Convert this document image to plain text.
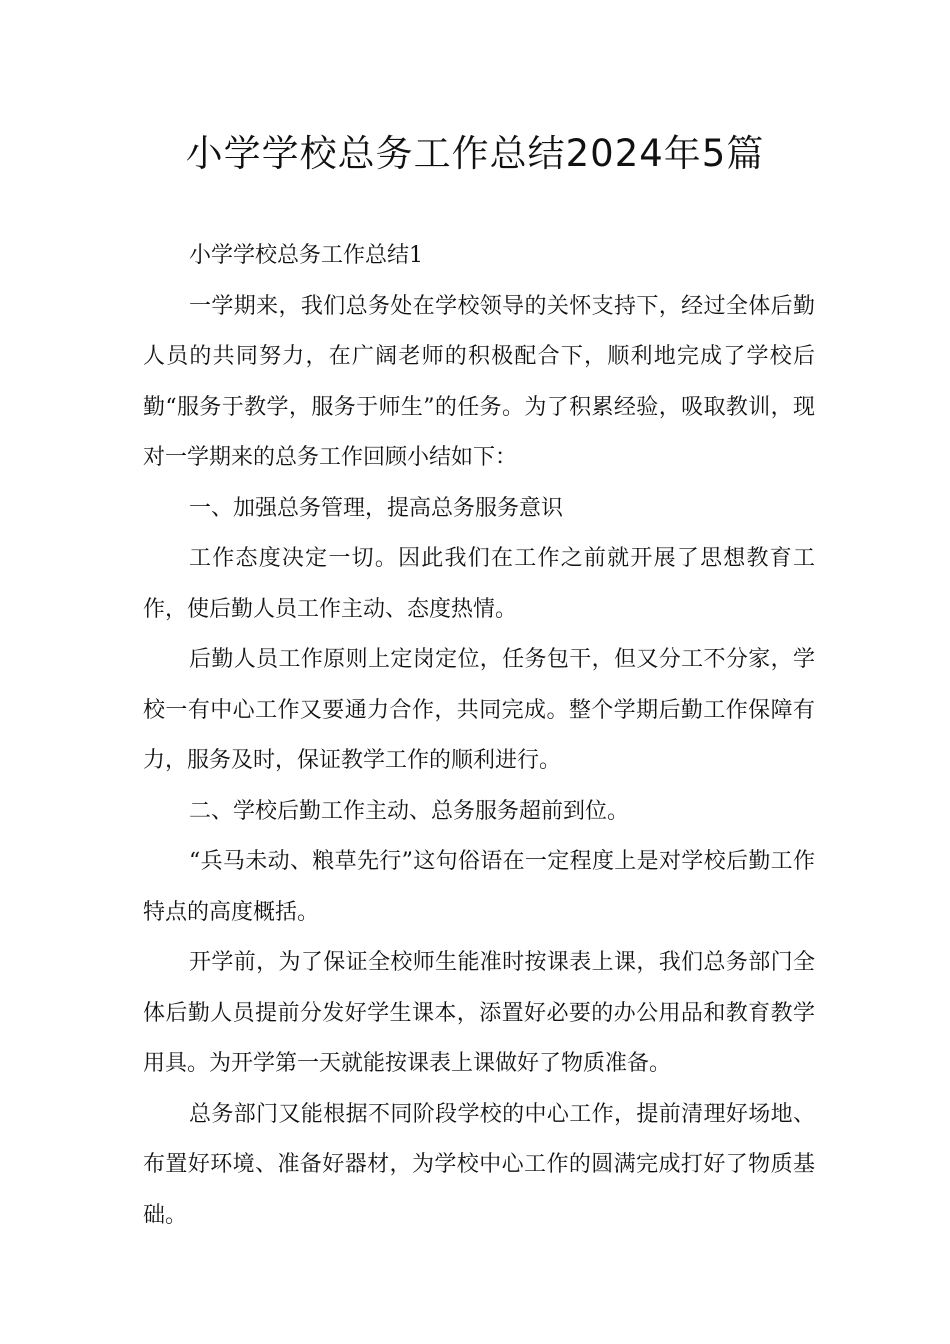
小学学校总务工作总结2024年5篇

小学学校总务工作总结1

一学期来，我们总务处在学校领导的关怀支持下，经过全体后勤人员的共同努力，在广阔老师的积极配合下，顺利地完成了学校后勤“服务于教学，服务于师生”的任务。为了积累经验，吸取教训，现对一学期来的总务工作回顾小结如下：

一、加强总务管理，提高总务服务意识

工作态度决定一切。因此我们在工作之前就开展了思想教育工作，使后勤人员工作主动、态度热情。

后勤人员工作原则上定岗定位，任务包干，但又分工不分家，学校一有中心工作又要通力合作，共同完成。整个学期后勤工作保障有力，服务及时，保证教学工作的顺利进行。

二、学校后勤工作主动、总务服务超前到位。

“兵马未动、粮草先行”这句俗语在一定程度上是对学校后勤工作特点的高度概括。

开学前，为了保证全校师生能准时按课表上课，我们总务部门全体后勤人员提前分发好学生课本，添置好必要的办公用品和教育教学用具。为开学第一天就能按课表上课做好了物质准备。

总务部门又能根据不同阶段学校的中心工作，提前清理好场地、布置好环境、准备好器材，为学校中心工作的圆满完成打好了物质基础。
